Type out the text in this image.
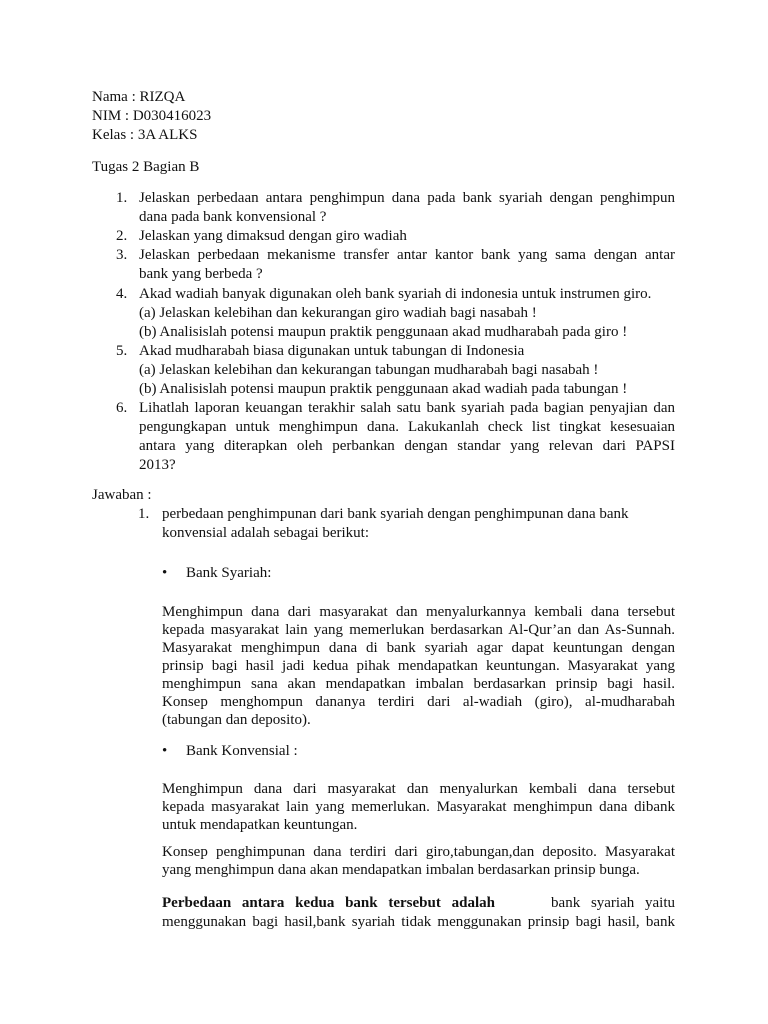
Nama : RIZQA
NIM : D030416023
Kelas : 3A ALKS
Tugas 2 Bagian B
1. Jelaskan perbedaan antara penghimpun dana pada bank syariah dengan penghimpun
dana pada bank konvensional ?
2. Jelaskan yang dimaksud dengan giro wadiah
3. Jelaskan perbedaan mekanisme transfer antar kantor bank yang sama dengan antar
bank yang berbeda ?
4. Akad wadiah banyak digunakan oleh bank syariah di indonesia untuk instrumen giro.
(a) Jelaskan kelebihan dan kekurangan giro wadiah bagi nasabah !
(b) Analisislah potensi maupun praktik penggunaan akad mudharabah pada giro !
5. Akad mudharabah biasa digunakan untuk tabungan di Indonesia
(a) Jelaskan kelebihan dan kekurangan tabungan mudharabah bagi nasabah !
(b) Analisislah potensi maupun praktik penggunaan akad wadiah pada tabungan !
6. Lihatlah laporan keuangan terakhir salah satu bank syariah pada bagian penyajian dan
pengungkapan untuk menghimpun dana. Lakukanlah check list tingkat kesesuaian
antara yang diterapkan oleh perbankan dengan standar yang relevan dari PAPSI
2013?
Jawaban :
1. perbedaan penghimpunan dari bank syariah dengan penghimpunan dana bank
konvensial adalah sebagai berikut:
• Bank Syariah:
Menghimpun dana dari masyarakat dan menyalurkannya kembali dana tersebut
kepada masyarakat lain yang memerlukan berdasarkan Al-Qur’an dan As-Sunnah.
Masyarakat menghimpun dana di bank syariah agar dapat keuntungan dengan
prinsip bagi hasil jadi kedua pihak mendapatkan keuntungan. Masyarakat yang
menghimpun sana akan mendapatkan imbalan berdasarkan prinsip bagi hasil.
Konsep menghompun dananya terdiri dari al-wadiah (giro), al-mudharabah
(tabungan dan deposito).
• Bank Konvensial :
Menghimpun dana dari masyarakat dan menyalurkan kembali dana tersebut
kepada masyarakat lain yang memerlukan. Masyarakat menghimpun dana dibank
untuk mendapatkan keuntungan.
Konsep penghimpunan dana terdiri dari giro,tabungan,dan deposito. Masyarakat
yang menghimpun dana akan mendapatkan imbalan berdasarkan prinsip bunga.
Perbedaan antara kedua bank tersebut adalah	bank syariah yaitu
menggunakan bagi hasil,bank syariah tidak menggunakan prinsip bagi hasil, bank
